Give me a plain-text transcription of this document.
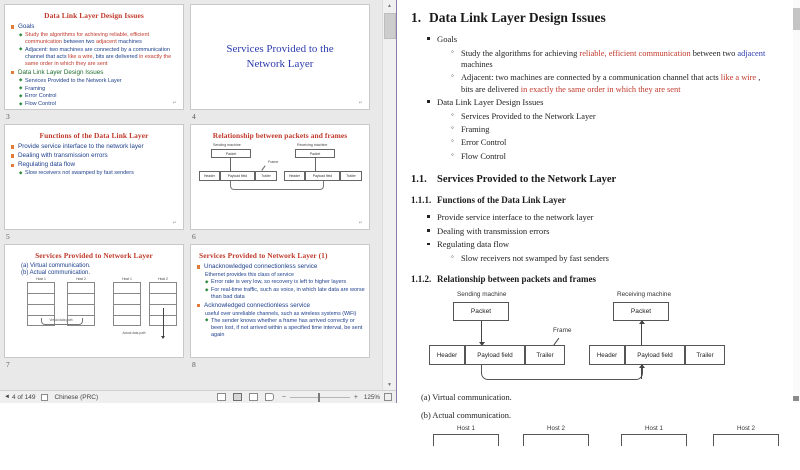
Data Link Layer Design Issues
Goals
◆ Study the algorithms for achieving reliable, efficient communication between two adjacent machines
◆ Adjacent: two machines are connected by a communication channel that acts like a wire, bits are delivered in exactly the same order in which they are sent
Data Link Layer Design Issues
◆ Services Provided to the Network Layer
◆ Framing
◆ Error Control
◆ Flow Control	↵
3
Services Provided to the
Network Layer
↵
4
Functions of the Data Link Layer
Provide service interface to the network layer
Dealing with transmission errors
Regulating data flow
◆ Slow receivers not swamped by fast senders
↵
5
Relationship between packets and frames
Sending machine	Receiving machine
Packet	Packet
Header	Payload field	Trailer	Header	Payload field	Trailer
Frame
↵
6
Services Provided to Network Layer
(a) Virtual communication.
(b) Actual communication.
Host 1	Host 2	Host 1	Host 2
Virtual data path
Actual data path
7
Services Provided to Network Layer (1)
Unacknowledged connectionless service
Ethernet provides this class of service
◆ Error rate is very low, so recovery is left to higher layers
◆ For real-time traffic, such as voice, in which late data are worse than bad data
Acknowledged connectionless service
useful over unreliable channels, such as wireless systems (WiFi)
◆ The sender knows whether a frame has arrived correctly or been lost, if not arrived within a specified time interval, be sent again
8
▲
▼
◄ 4 of 149	Chinese (PRC)	−	+ 125%
1. Data Link Layer Design Issues
Goals
◦ Study the algorithms for achieving reliable, efficient communication between two adjacent machines
◦ Adjacent: two machines are connected by a communication channel that acts like a wire , bits are delivered in exactly the same order in which they are sent
Data Link Layer Design Issues
◦ Services Provided to the Network Layer
◦ Framing
◦ Error Control
◦ Flow Control
1.1. Services Provided to the Network Layer
1.1.1. Functions of the Data Link Layer
Provide service interface to the network layer
Dealing with transmission errors
Regulating data flow
◦ Slow receivers not swamped by fast senders
1.1.2. Relationship between packets and frames
Sending machine	Receiving machine
Packet	Packet
Frame
Header	Payload field	Trailer	Header	Payload field	Trailer
(a) Virtual communication.
(b) Actual communication.
Host 1	Host 2	Host 1	Host 2
